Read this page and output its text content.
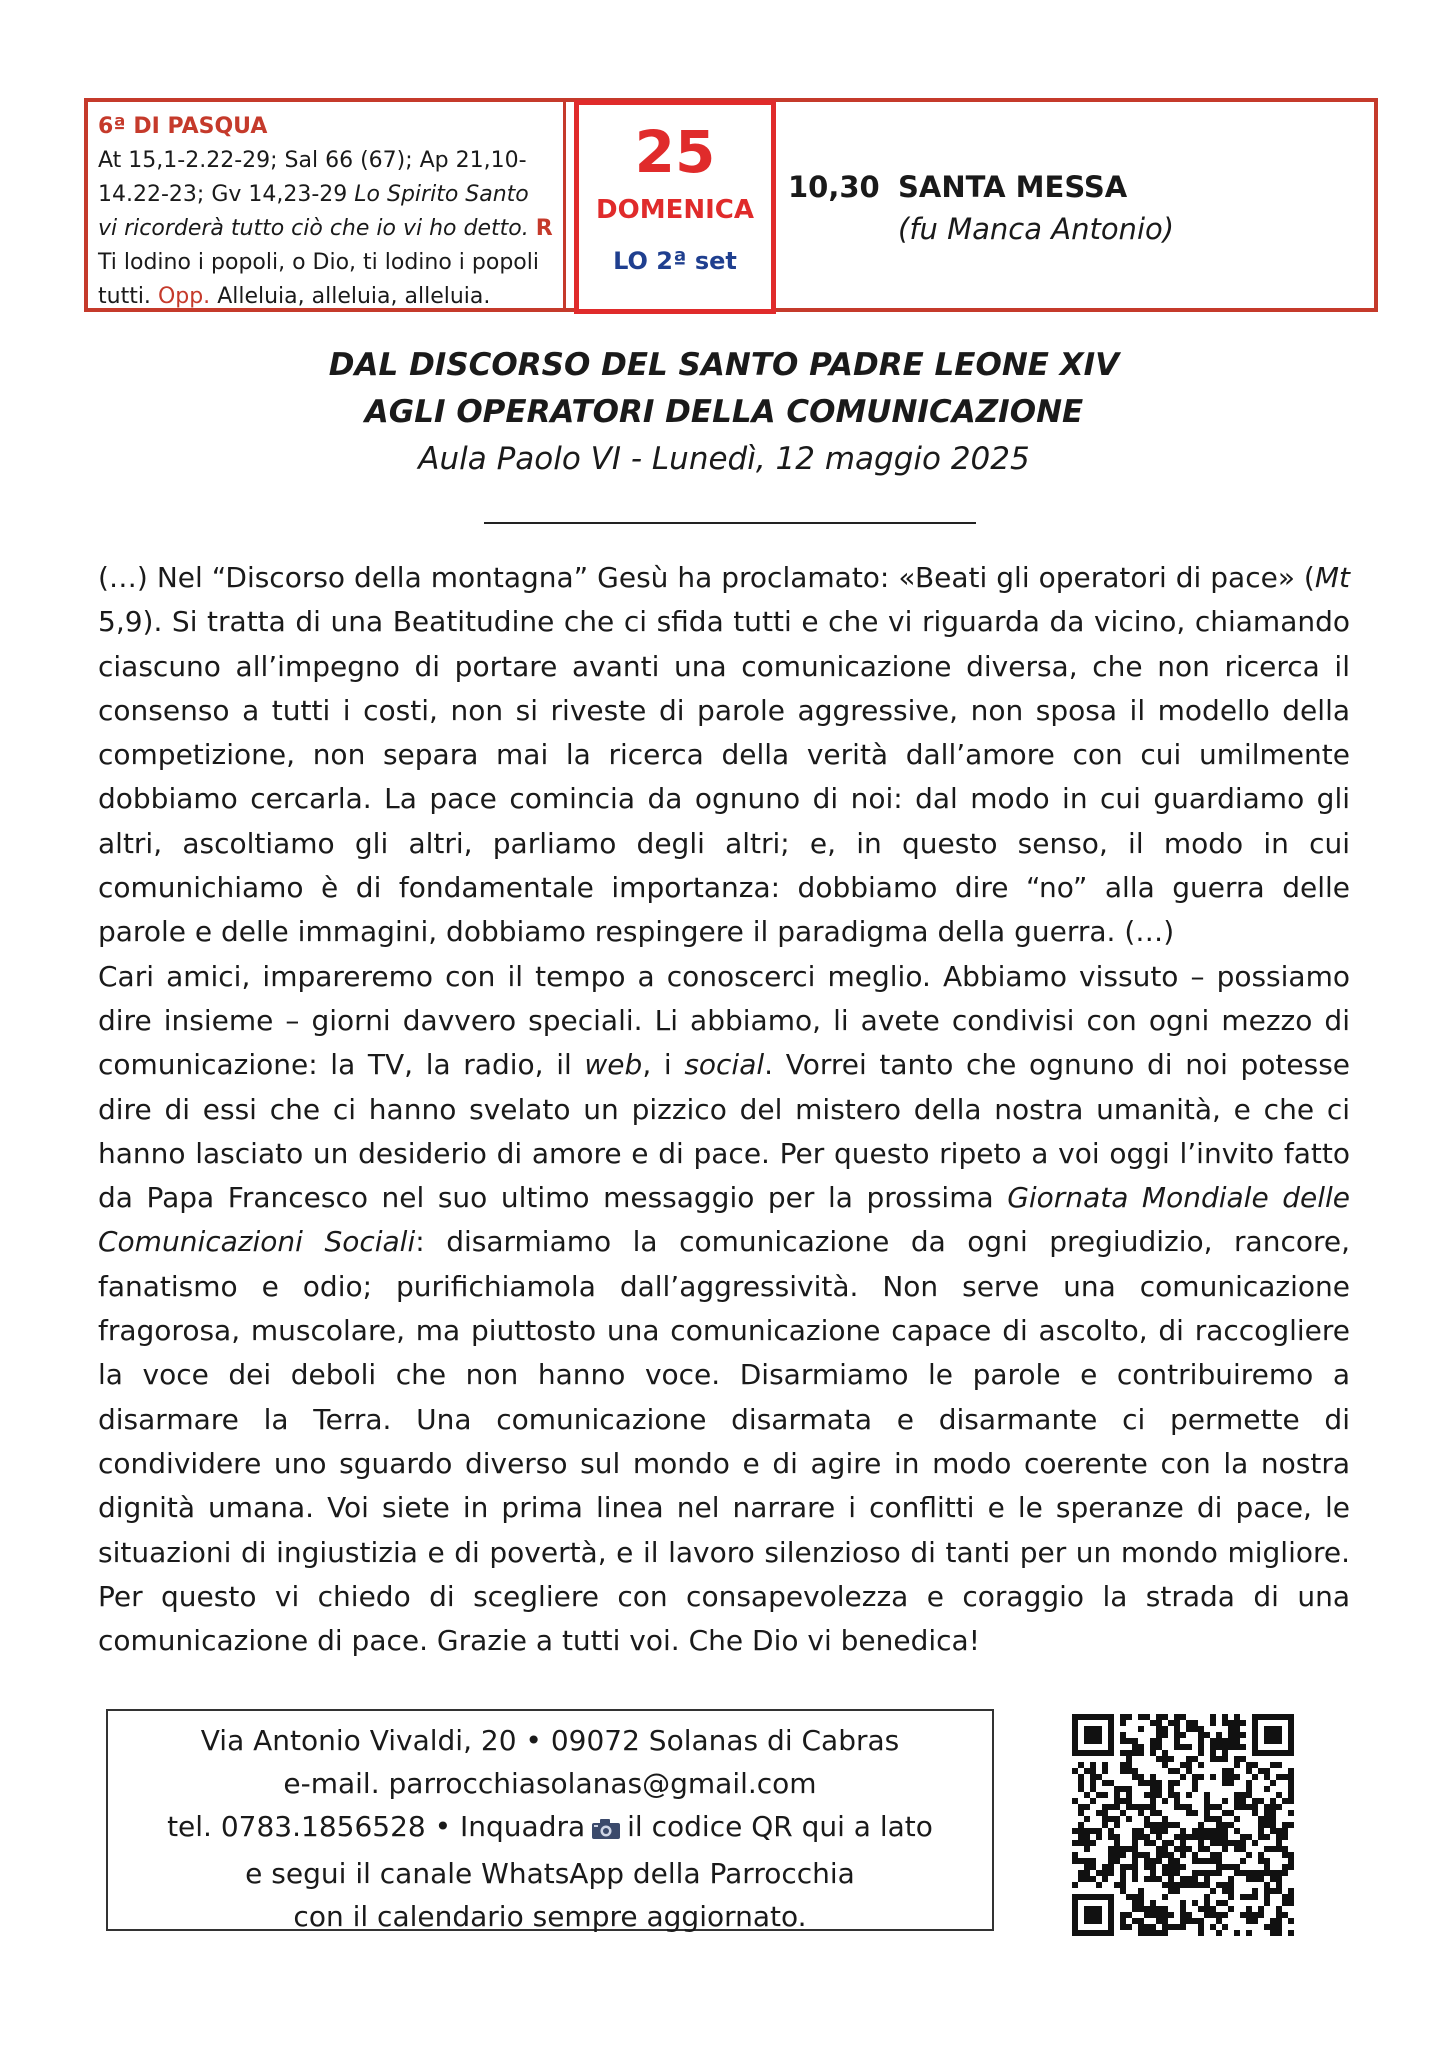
6ª DI PASQUA
At 15,1-2.22-29; Sal 66 (67); Ap 21,10-14.22-23; Gv 14,23-29 Lo Spirito Santo vi ricorderà tutto ciò che io vi ho detto. R Ti lodino i popoli, o Dio, ti lodino i popoli tutti. Opp. Alleluia, alleluia, alleluia.
25
DOMENICA
LO 2ª set
10,30 SANTA MESSA
(fu Manca Antonio)
DAL DISCORSO DEL SANTO PADRE LEONE XIV
AGLI OPERATORI DELLA COMUNICAZIONE
Aula Paolo VI - Lunedì, 12 maggio 2025

(…) Nel “Discorso della montagna” Gesù ha proclamato: «Beati gli operatori di pace» (Mt 5,9). Si tratta di una Beatitudine che ci sfida tutti e che vi riguarda da vicino, chiamando ciascuno all’impegno di portare avanti una comunicazione diversa, che non ricerca il consenso a tutti i costi, non si riveste di parole aggressive, non sposa il modello della competizione, non separa mai la ricerca della verità dall’amore con cui umilmente dobbiamo cercarla. La pace comincia da ognuno di noi: dal modo in cui guardiamo gli altri, ascoltiamo gli altri, parliamo degli altri; e, in questo senso, il modo in cui comunichiamo è di fondamentale importanza: dobbiamo dire “no” alla guerra delle parole e delle immagini, dobbiamo respingere il paradigma della guerra. (…)

Cari amici, impareremo con il tempo a conoscerci meglio. Abbiamo vissuto – possiamo dire insieme – giorni davvero speciali. Li abbiamo, li avete condivisi con ogni mezzo di comunicazione: la TV, la radio, il web, i social. Vorrei tanto che ognuno di noi potesse dire di essi che ci hanno svelato un pizzico del mistero della nostra umanità, e che ci hanno lasciato un desiderio di amore e di pace. Per questo ripeto a voi oggi l’invito fatto da Papa Francesco nel suo ultimo messaggio per la prossima Giornata Mondiale delle Comunicazioni Sociali: disarmiamo la comunicazione da ogni pregiudizio, rancore, fanatismo e odio; purifichiamola dall’aggressività. Non serve una comunicazione fragorosa, muscolare, ma piuttosto una comunicazione capace di ascolto, di raccogliere la voce dei deboli che non hanno voce. Disarmiamo le parole e contribuiremo a disarmare la Terra. Una comunicazione disarmata e disarmante ci permette di condividere uno sguardo diverso sul mondo e di agire in modo coerente con la nostra dignità umana. Voi siete in prima linea nel narrare i conflitti e le speranze di pace, le situazioni di ingiustizia e di povertà, e il lavoro silenzioso di tanti per un mondo migliore. Per questo vi chiedo di scegliere con consapevolezza e coraggio la strada di una comunicazione di pace. Grazie a tutti voi. Che Dio vi benedica!

Via Antonio Vivaldi, 20 • 09072 Solanas di Cabras
e-mail. parrocchiasolanas@gmail.com
tel. 0783.1856528 • Inquadra il codice QR qui a lato
e segui il canale WhatsApp della Parrocchia
con il calendario sempre aggiornato.
